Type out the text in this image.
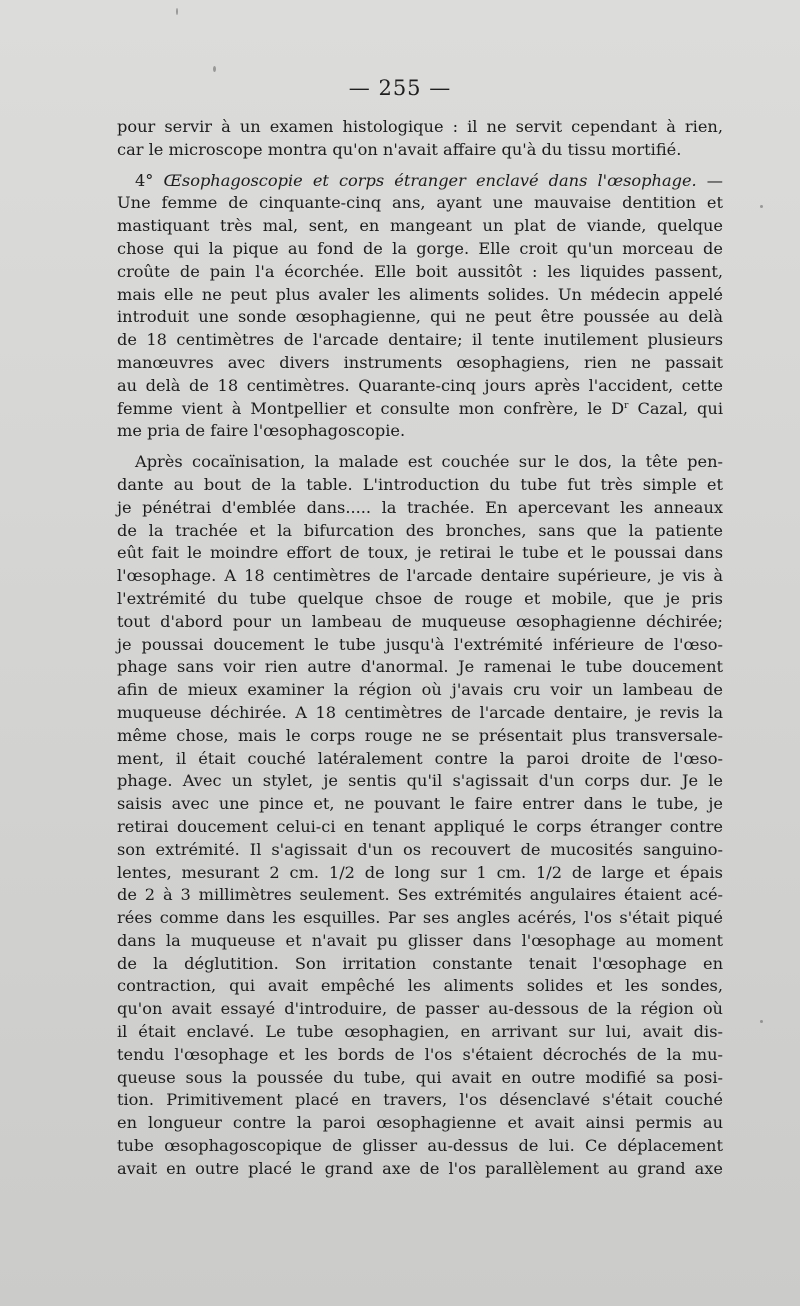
— 255 —

pour servir à un examen histologique : il ne servit cependant à rien,
car le microscope montra qu'on n'avait affaire qu'à du tissu mortifié.

4° Œsophagoscopie et corps étranger enclavé dans l'œsophage. —
Une femme de cinquante-cinq ans, ayant une mauvaise dentition et
mastiquant très mal, sent, en mangeant un plat de viande, quelque
chose qui la pique au fond de la gorge. Elle croit qu'un morceau de
croûte de pain l'a écorchée. Elle boit aussitôt : les liquides passent,
mais elle ne peut plus avaler les aliments solides. Un médecin appelé
introduit une sonde œsophagienne, qui ne peut être poussée au delà
de 18 centimètres de l'arcade dentaire; il tente inutilement plusieurs
manœuvres avec divers instruments œsophagiens, rien ne passait
au delà de 18 centimètres. Quarante-cinq jours après l'accident, cette
femme vient à Montpellier et consulte mon confrère, le $D^r$ Cazal, qui
me pria de faire l'œsophagoscopie.

Après cocaïnisation, la malade est couchée sur le dos, la tête pen-
dante au bout de la table. L'introduction du tube fut très simple et
je pénétrai d'emblée dans..... la trachée. En apercevant les anneaux
de la trachée et la bifurcation des bronches, sans que la patiente
eût fait le moindre effort de toux, je retirai le tube et le poussai dans
l'œsophage. A 18 centimètres de l'arcade dentaire supérieure, je vis à
l'extrémité du tube quelque chsoe de rouge et mobile, que je pris
tout d'abord pour un lambeau de muqueuse œsophagienne déchirée;
je poussai doucement le tube jusqu'à l'extrémité inférieure de l'œso-
phage sans voir rien autre d'anormal. Je ramenai le tube doucement
afin de mieux examiner la région où j'avais cru voir un lambeau de
muqueuse déchirée. A 18 centimètres de l'arcade dentaire, je revis la
même chose, mais le corps rouge ne se présentait plus transversale-
ment, il était couché latéralement contre la paroi droite de l'œso-
phage. Avec un stylet, je sentis qu'il s'agissait d'un corps dur. Je le
saisis avec une pince et, ne pouvant le faire entrer dans le tube, je
retirai doucement celui-ci en tenant appliqué le corps étranger contre
son extrémité. Il s'agissait d'un os recouvert de mucosités sanguino-
lentes, mesurant 2 cm. 1/2 de long sur 1 cm. 1/2 de large et épais
de 2 à 3 millimètres seulement. Ses extrémités angulaires étaient acé-
rées comme dans les esquilles. Par ses angles acérés, l'os s'était piqué
dans la muqueuse et n'avait pu glisser dans l'œsophage au moment
de la déglutition. Son irritation constante tenait l'œsophage en
contraction, qui avait empêché les aliments solides et les sondes,
qu'on avait essayé d'introduire, de passer au-dessous de la région où
il était enclavé. Le tube œsophagien, en arrivant sur lui, avait dis-
tendu l'œsophage et les bords de l'os s'étaient décrochés de la mu-
queuse sous la poussée du tube, qui avait en outre modifié sa posi-
tion. Primitivement placé en travers, l'os désenclavé s'était couché
en longueur contre la paroi œsophagienne et avait ainsi permis au
tube œsophagoscopique de glisser au-dessus de lui. Ce déplacement
avait en outre placé le grand axe de l'os parallèlement au grand axe
